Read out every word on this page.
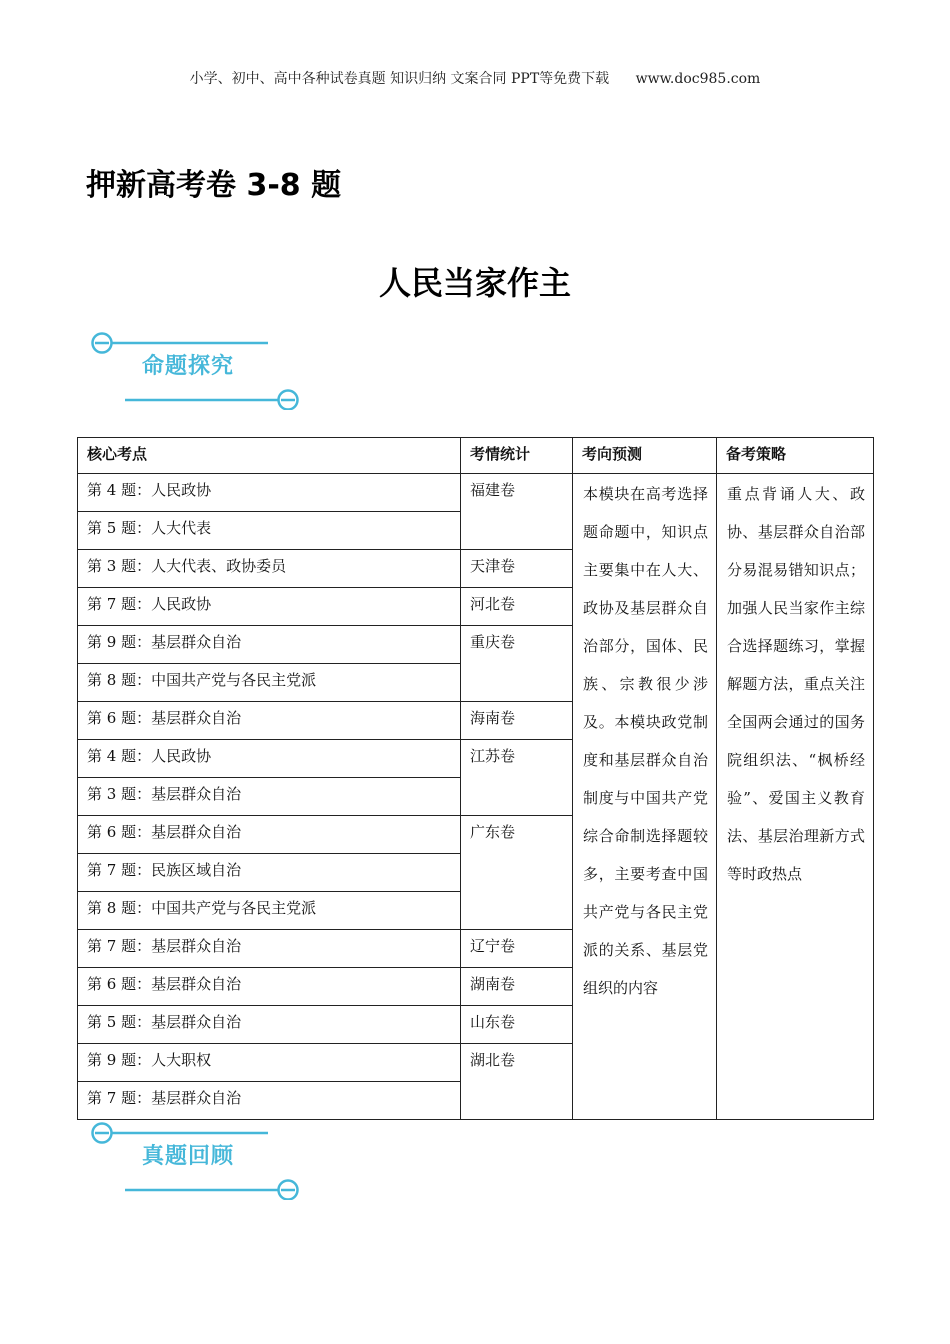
小学、初中、高中各种试卷真题 知识归纳 文案合同 PPT等免费下载 www.doc985.com
押新高考卷 3-8 题
人民当家作主
命题探究
核心考点	考情统计	考向预测	备考策略
第 4 题：人民政协	福建卷	本模块在高考选择题命题中，知识点主要集中在人大、政协及基层群众自治部分，国体、民族、宗教很少涉及。本模块政党制度和基层群众自治制度与中国共产党综合命制选择题较多，主要考查中国共产党与各民主党派的关系、基层党组织的内容	重点背诵人大、政协、基层群众自治部分易混易错知识点；加强人民当家作主综合选择题练习，掌握解题方法，重点关注全国两会通过的国务院组织法、“枫桥经验”、爱国主义教育法、基层治理新方式等时政热点
第 5 题：人大代表			
第 3 题：人大代表、政协委员	天津卷		
第 7 题：人民政协	河北卷		
第 9 题：基层群众自治	重庆卷		
第 8 题：中国共产党与各民主党派			
第 6 题：基层群众自治	海南卷		
第 4 题：人民政协	江苏卷		
第 3 题：基层群众自治			
第 6 题：基层群众自治	广东卷		
第 7 题：民族区域自治			
第 8 题：中国共产党与各民主党派			
第 7 题：基层群众自治	辽宁卷		
第 6 题：基层群众自治	湖南卷		
第 5 题：基层群众自治	山东卷		
第 9 题：人大职权	湖北卷		
第 7 题：基层群众自治			
真题回顾
